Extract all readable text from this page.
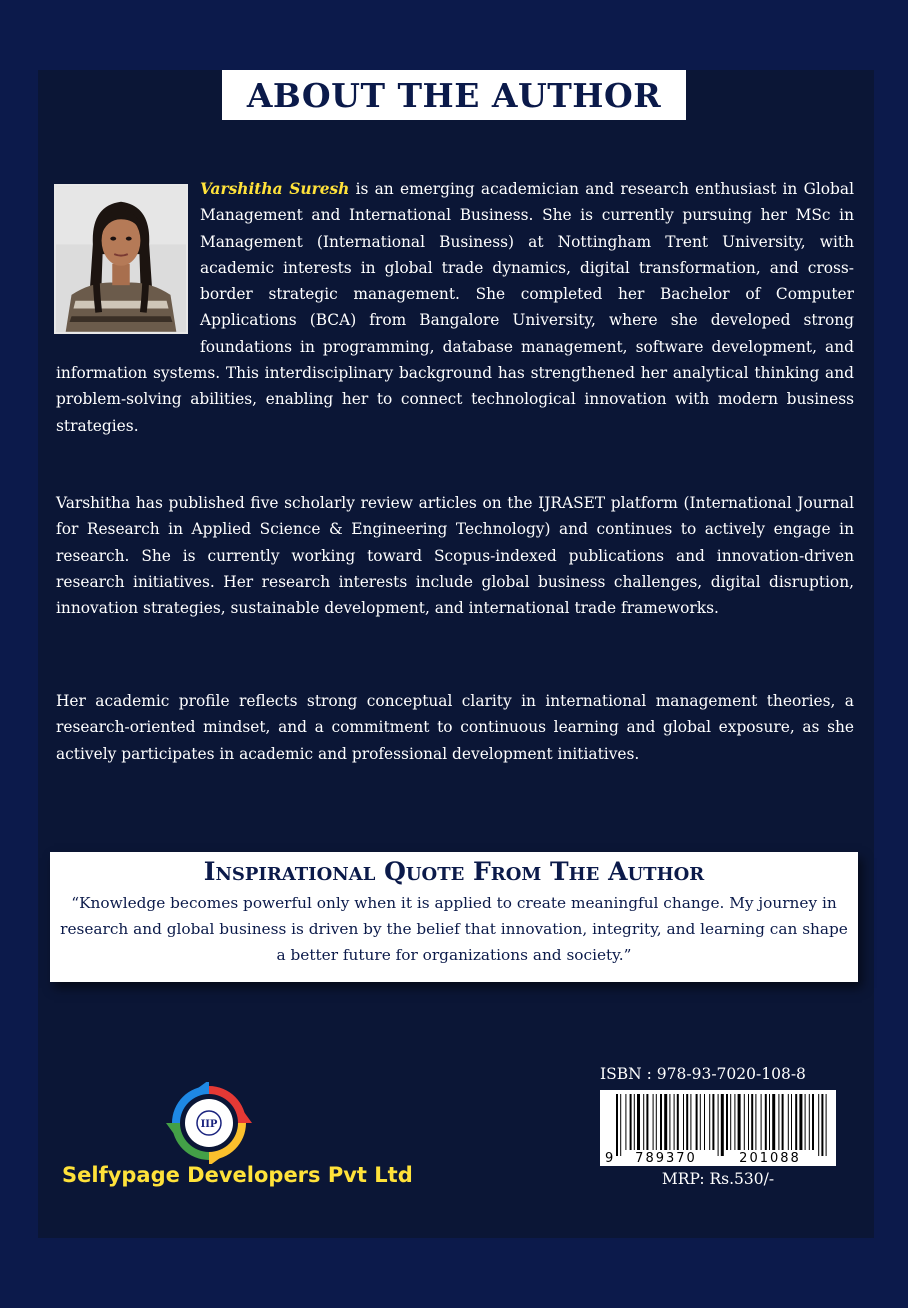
ABOUT THE AUTHOR

Varshitha Suresh is an emerging academician and research enthusiast in Global Management and International Business. She is currently pursuing her MSc in Management (International Business) at Nottingham Trent University, with academic interests in global trade dynamics, digital transformation, and cross-border strategic management. She completed her Bachelor of Computer Applications (BCA) from Bangalore University, where she developed strong foundations in programming, database management, software development, and information systems. This interdisciplinary background has strengthened her analytical thinking and problem-solving abilities, enabling her to connect technological innovation with modern business strategies.

Varshitha has published five scholarly review articles on the IJRASET platform (International Journal for Research in Applied Science & Engineering Technology) and continues to actively engage in research. She is currently working toward Scopus-indexed publications and innovation-driven research initiatives. Her research interests include global business challenges, digital disruption, innovation strategies, sustainable development, and international trade frameworks.

Her academic profile reflects strong conceptual clarity in international management theories, a research-oriented mindset, and a commitment to continuous learning and global exposure, as she actively participates in academic and professional development initiatives.

Inspirational Quote From The Author

“Knowledge becomes powerful only when it is applied to create meaningful change. My journey in research and global business is driven by the belief that innovation, integrity, and learning can shape a better future for organizations and society.”

IIP
Selfypage Developers Pvt Ltd
ISBN : 978-93-7020-108-8
9 789370	201088
MRP: Rs.530/-
